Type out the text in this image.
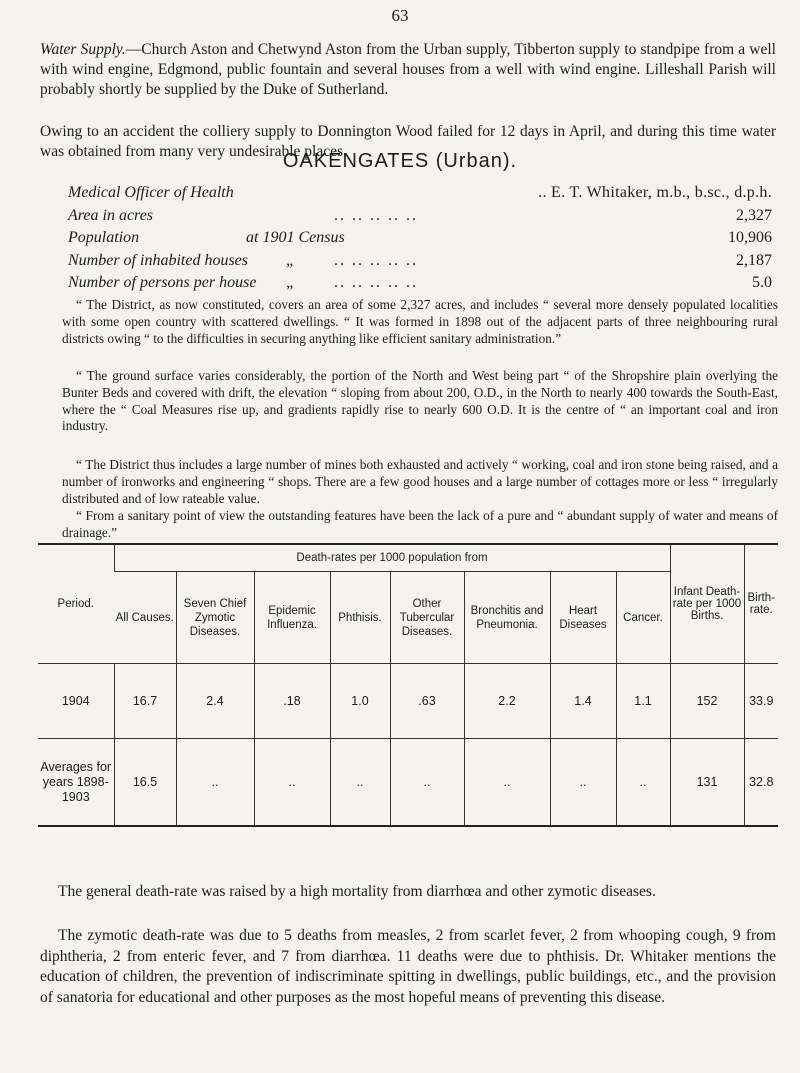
63
Water Supply.—Church Aston and Chetwynd Aston from the Urban supply, Tibberton supply to standpipe from a well with wind engine, Edgmond, public fountain and several houses from a well with wind engine. Lilleshall Parish will probably shortly be supplied by the Duke of Sutherland.
Owing to an accident the colliery supply to Donnington Wood failed for 12 days in April, and during this time water was obtained from many very undesirable places.
OAKENGATES (Urban).
Medical Officer of Health	.. E. T. Whitaker, m.b., b.sc., d.p.h.
Area in acres	.. .. .. .. ..	2,327
Population	at 1901 Census	10,906
Number of inhabited houses „ .. .. .. .. ..	2,187
Number of persons per house „ .. .. .. .. ..	5.0
“ The District, as now constituted, covers an area of some 2,327 acres, and includes “ several more densely populated localities with some open country with scattered dwellings. “ It was formed in 1898 out of the adjacent parts of three neighbouring rural districts owing “ to the difficulties in securing anything like efficient sanitary administration.”
“ The ground surface varies considerably, the portion of the North and West being part “ of the Shropshire plain overlying the Bunter Beds and covered with drift, the elevation “ sloping from about 200, O.D., in the North to nearly 400 towards the South-East, where the “ Coal Measures rise up, and gradients rapidly rise to nearly 600 O.D. It is the centre of “ an important coal and iron industry.
“ The District thus includes a large number of mines both exhausted and actively “ working, coal and iron stone being raised, and a number of ironworks and engineering “ shops. There are a few good houses and a large number of cottages more or less “ irregularly distributed and of low rateable value.
Period.	Death-rates per 1000 population from								Infant Death-rate per 1000 Births.	Birth-rate.
	All Causes.	Seven Chief Zymotic Diseases.	Epidemic Influenza.	Phthisis.	Other Tubercular Diseases.	Bronchitis and Pneumonia.	Heart Diseases	Cancer.		
1904	16.7	2.4	.18	1.0	.63	2.2	1.4	1.1	152	33.9
Averages for years 1898-1903	16.5	..	..	..	..	..	..	..	131	32.8
The general death-rate was raised by a high mortality from diarrhœa and other zymotic diseases.
The zymotic death-rate was due to 5 deaths from measles, 2 from scarlet fever, 2 from whooping cough, 9 from diphtheria, 2 from enteric fever, and 7 from diarrhœa. 11 deaths were due to phthisis. Dr. Whitaker mentions the education of children, the prevention of indiscriminate spitting in dwellings, public buildings, etc., and the provision of sanatoria for educational and other purposes as the most hopeful means of preventing this disease.
“ From a sanitary point of view the outstanding features have been the lack of a pure and “ abundant supply of water and means of drainage.”
